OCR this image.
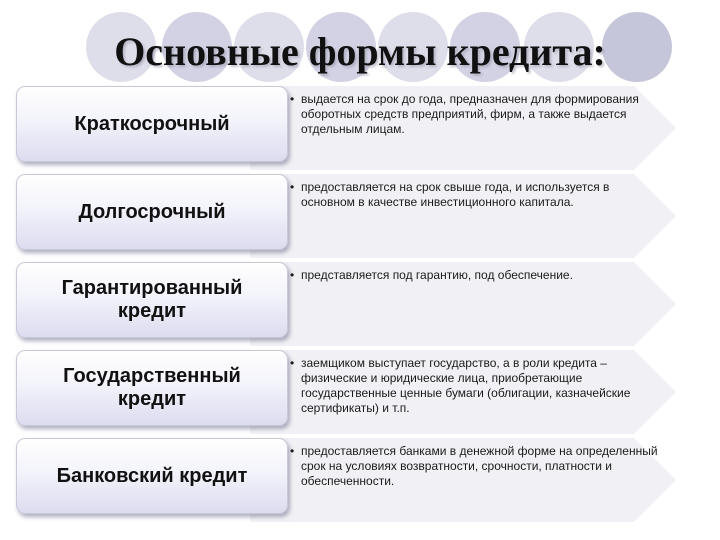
Основные формы кредита:
Краткосрочный
• выдается на срок до года, предназначен для формирования оборотных средств предприятий, фирм, а также выдается отдельным лицам.
Долгосрочный
• предоставляется на срок свыше года, и используется в основном в качестве инвестиционного капитала.
Гарантированный
кредит
• представляется под гарантию, под обеспечение.
Государственный
кредит
• заемщиком выступает государство, а в роли кредита – физические и юридические лица, приобретающие государственные ценные бумаги (облигации, казначейские сертификаты) и т.п.
Банковский кредит
• предоставляется банками в денежной форме на определенный срок на условиях возвратности, срочности, платности и обеспеченности.
